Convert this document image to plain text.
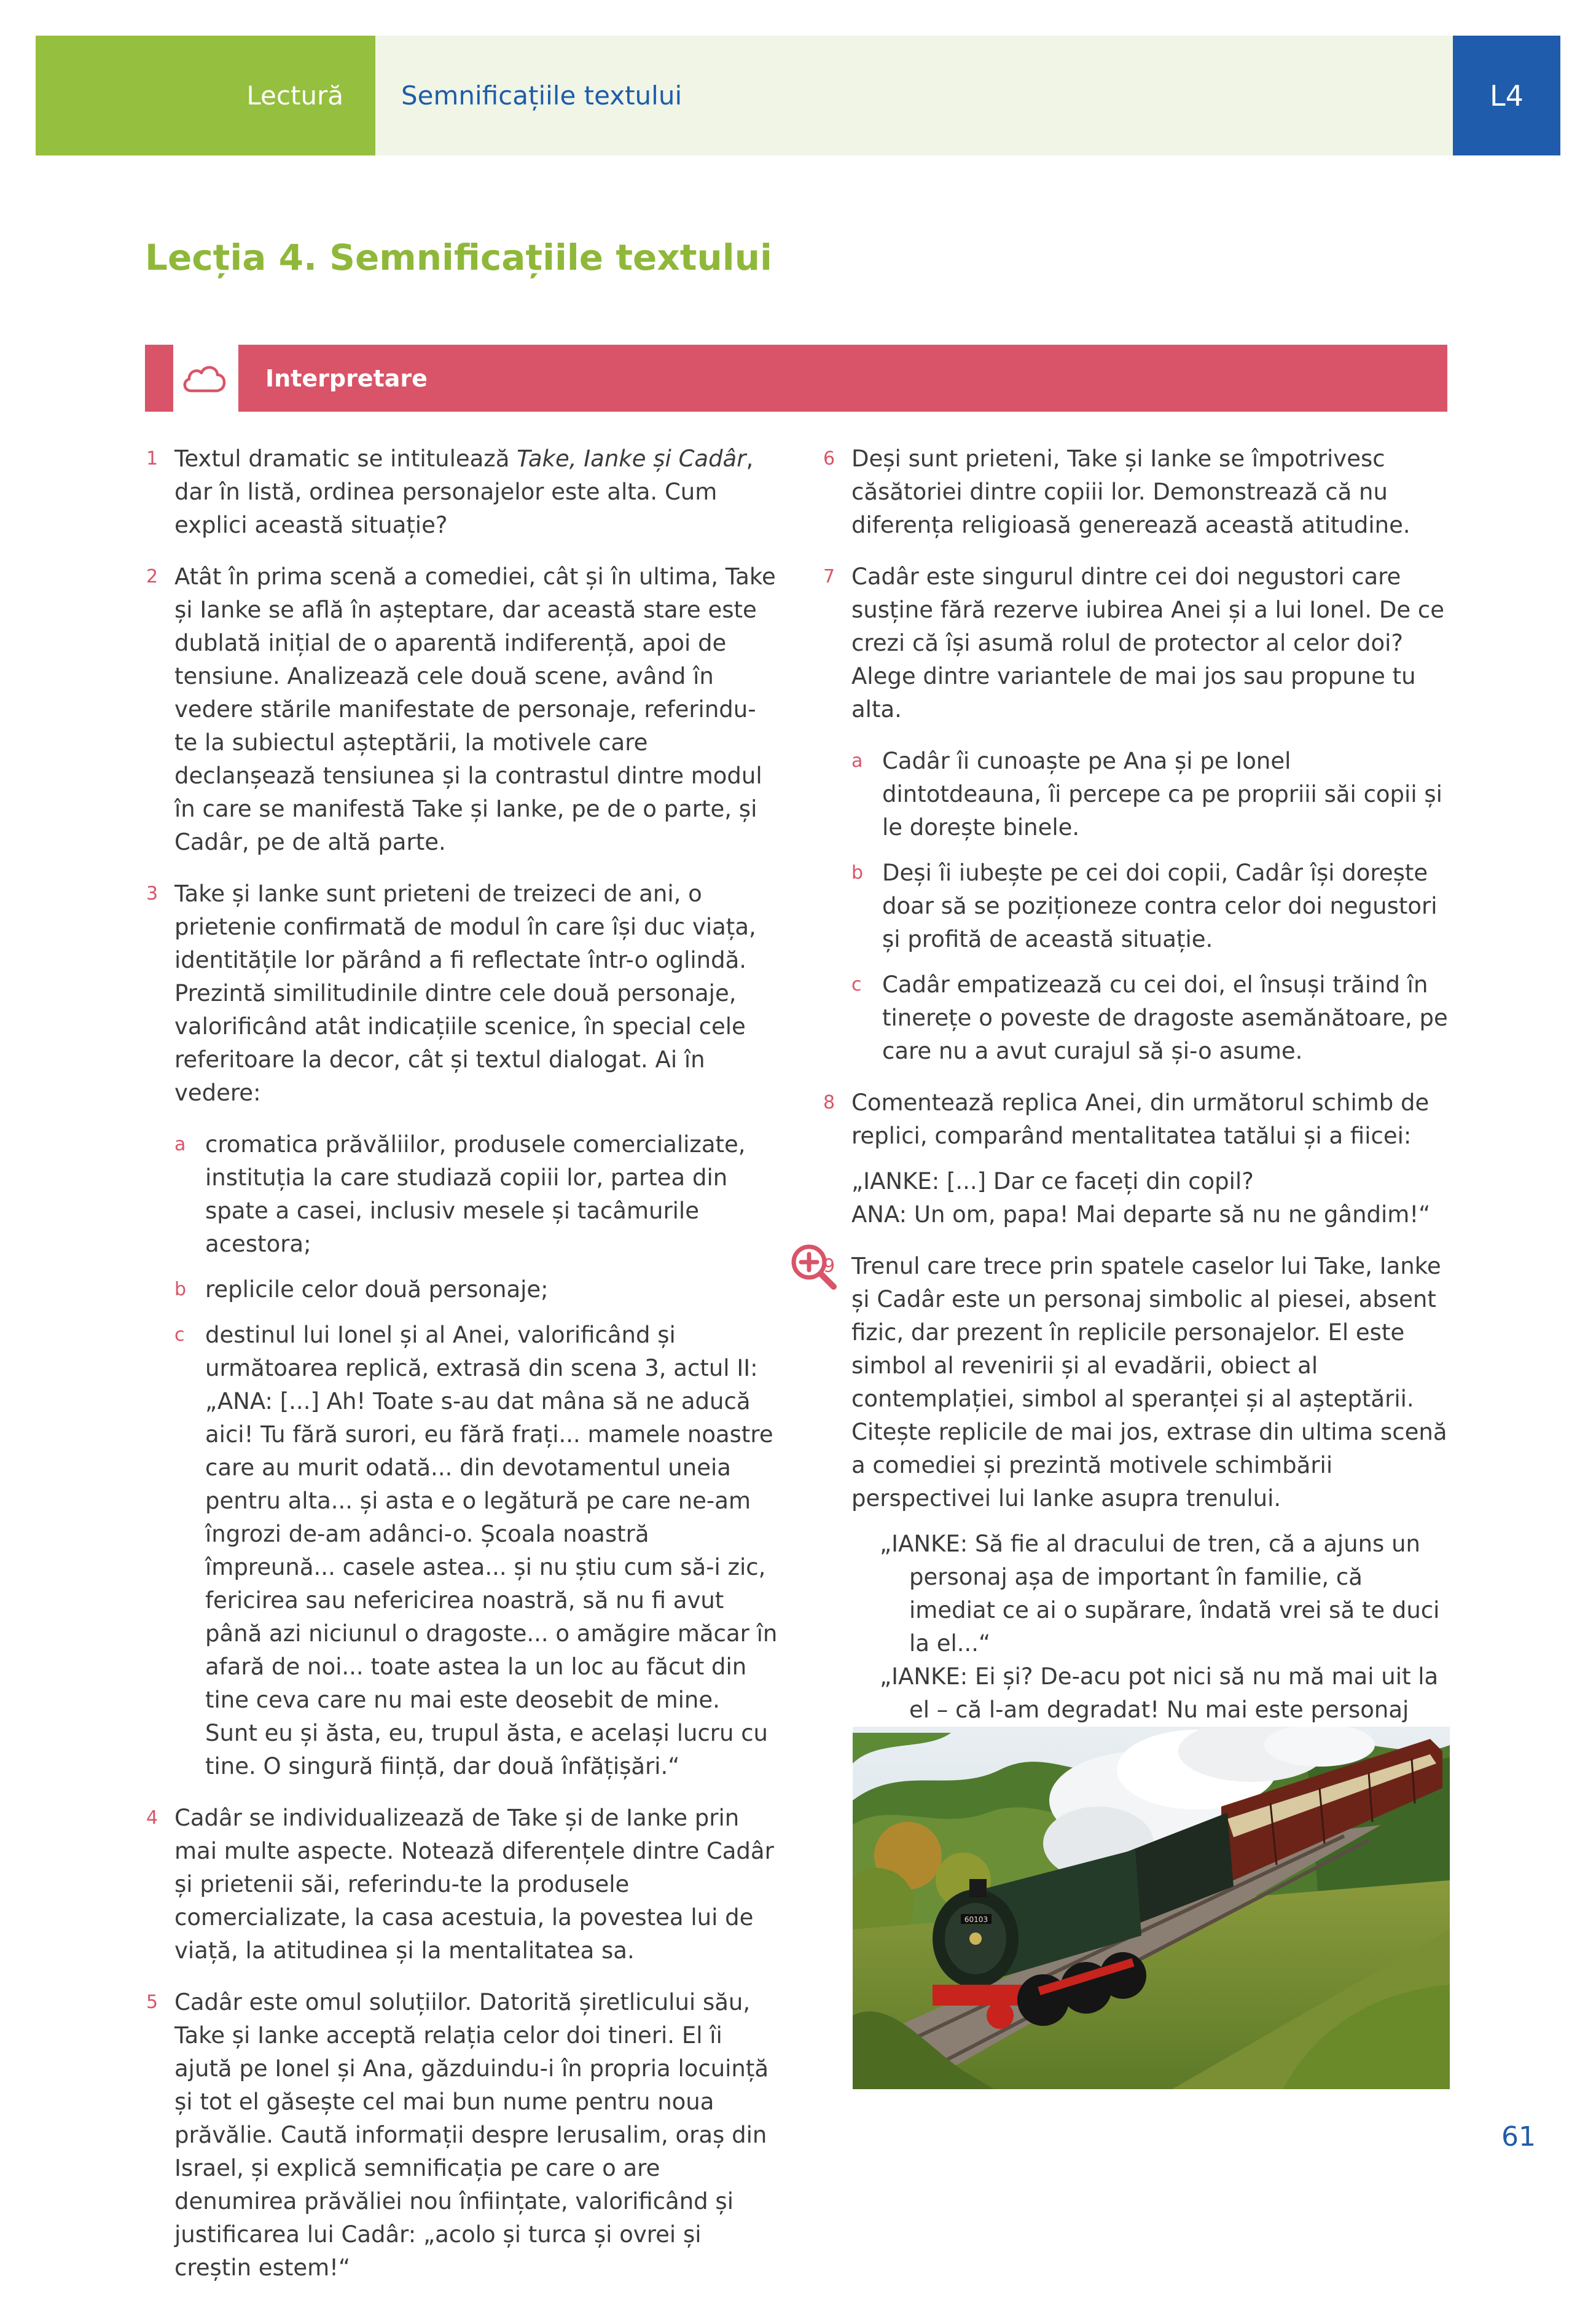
Lectură	Semnificațiile textului	L4
Lecția 4. Semnificațiile textului
Interpretare
1 Textul dramatic se intitulează Take, Ianke și Cadâr, dar în listă, ordinea personajelor este alta. Cum explici această situație?

2 Atât în prima scenă a comediei, cât și în ultima, Take și Ianke se află în așteptare, dar această stare este dublată inițial de o aparentă indiferență, apoi de tensiune. Analizează cele două scene, având în vedere stările manifestate de personaje, referindu-te la subiectul așteptării, la motivele care declanșează tensiunea și la contrastul dintre modul în care se manifestă Take și Ianke, pe de o parte, și Cadâr, pe de altă parte.

3 Take și Ianke sunt prieteni de treizeci de ani, o prietenie confirmată de modul în care își duc viața, identitățile lor părând a fi reflectate într-o oglindă. Prezintă similitudinile dintre cele două personaje, valorificând atât indicațiile scenice, în special cele referitoare la decor, cât și textul dialogat. Ai în vedere:

a cromatica prăvăliilor, produsele comercializate, instituția la care studiază copiii lor, partea din spate a casei, inclusiv mesele și tacâmurile acestora;

b replicile celor două personaje;

c destinul lui Ionel și al Anei, valorificând și următoarea replică, extrasă din scena 3, actul II: „ANA: [...] Ah! Toate s-au dat mâna să ne aducă aici! Tu fără surori, eu fără frați... mamele noastre care au murit odată... din devotamentul uneia pentru alta... și asta e o legătură pe care ne-am îngrozi de-am adânci-o. Școala noastră împreună... casele astea... și nu știu cum să-i zic, fericirea sau nefericirea noastră, să nu fi avut până azi niciunul o dragoste... o amăgire măcar în afară de noi... toate astea la un loc au făcut din tine ceva care nu mai este deosebit de mine. Sunt eu și ăsta, eu, trupul ăsta, e același lucru cu tine. O singură ființă, dar două înfățișări.“

4 Cadâr se individualizează de Take și de Ianke prin mai multe aspecte. Notează diferențele dintre Cadâr și prietenii săi, referindu-te la produsele comercializate, la casa acestuia, la povestea lui de viață, la atitudinea și la mentalitatea sa.

5 Cadâr este omul soluțiilor. Datorită șiretlicului său, Take și Ianke acceptă relația celor doi tineri. El îi ajută pe Ionel și Ana, găzduindu-i în propria locuință și tot el găsește cel mai bun nume pentru noua prăvălie. Caută informații despre Ierusalim, oraș din Israel, și explică semnificația pe care o are denumirea prăvăliei nou înființate, valorificând și justificarea lui Cadâr: „acolo și turca și ovrei și creștin estem!“

6 Deși sunt prieteni, Take și Ianke se împotrivesc căsătoriei dintre copiii lor. Demonstrează că nu diferența religioasă generează această atitudine.

7 Cadâr este singurul dintre cei doi negustori care susține fără rezerve iubirea Anei și a lui Ionel. De ce crezi că își asumă rolul de protector al celor doi? Alege dintre variantele de mai jos sau propune tu alta.

a Cadâr îi cunoaște pe Ana și pe Ionel dintotdeauna, îi percepe ca pe propriii săi copii și le dorește binele.

b Deși îi iubește pe cei doi copii, Cadâr își dorește doar să se poziționeze contra celor doi negustori și profită de această situație.

c Cadâr empatizează cu cei doi, el însuși trăind în tinerețe o poveste de dragoste asemănătoare, pe care nu a avut curajul să și-o asume.

8 Comentează replica Anei, din următorul schimb de replici, comparând mentalitatea tatălui și a fiicei:

„IANKE: [...] Dar ce faceți din copil?

ANA: Un om, papa! Mai departe să nu ne gândim!“

9 Trenul care trece prin spatele caselor lui Take, Ianke și Cadâr este un personaj simbolic al piesei, absent fizic, dar prezent în replicile personajelor. El este simbol al revenirii și al evadării, obiect al contemplației, simbol al speranței și al așteptării. Citește replicile de mai jos, extrase din ultima scenă a comediei și prezintă motivele schimbării perspectivei lui Ianke asupra trenului.

„IANKE: Să fie al dracului de tren, că a ajuns un personaj așa de important în familie, că imediat ce ai o supărare, îndată vrei să te duci la el...“

„IANKE: Ei și? De-acu pot nici să nu mă mai uit la el – că l-am degradat! Nu mai este personaj

60103
61
